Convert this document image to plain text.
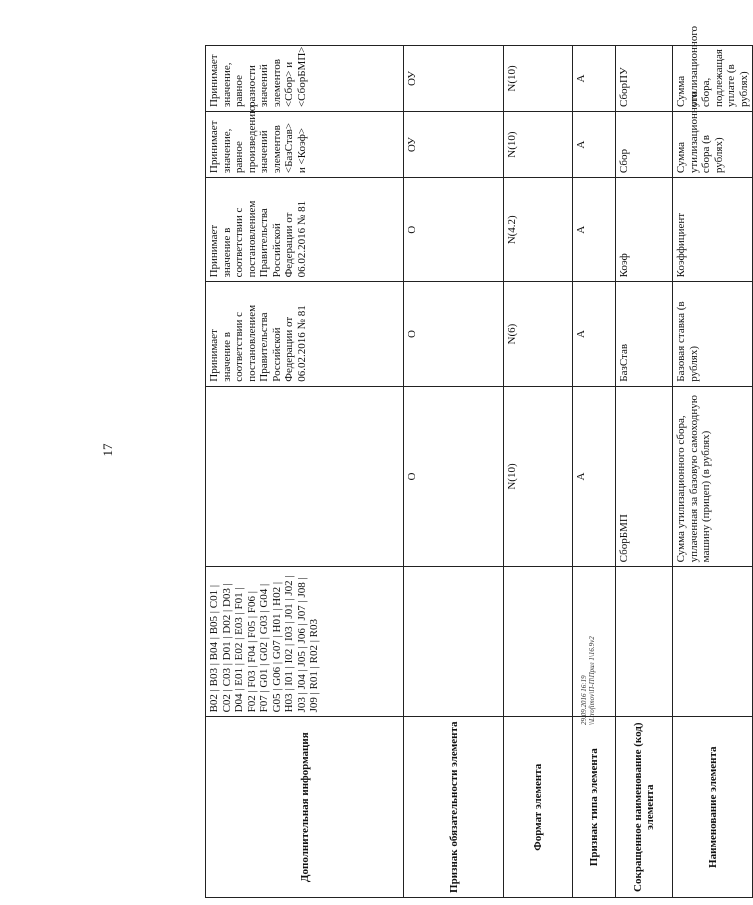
17
29.09.2016 16:19 \\Ltrofimov\П-П\Прил 1\16.9v2
Дополнительная информация	B02 | B03 | B04 | B05 | C01 | C02 | C03 | D01 | D02 | D03 | D04 | E01 | E02 | E03 | F01 | F02 | F03 | F04 | F05 | F06 | F07 | G01 | G02 | G03 | G04 | G05 | G06 | G07 | H01 | H02 | H03 | I01 | I02 | I03 | J01 | J02 | J03 | J04 | J05 | J06 | J07 | J08 | J09 | R01 | R02 | R03		Принимает значение в соответствии с постановлением Правительства Российской Федерации от 06.02.2016 № 81	Принимает значение в соответствии с постановлением Правительства Российской Федерации от 06.02.2016 № 81	Принимает значение, равное произведению значений элементов <БазСтав> и <Коэф>	Принимает значение, равное разности значений элементов <Сбор> и <СборБМП>
Признак обязательности элемента		О	О	О	ОУ	ОУ
Формат элемента		N(10)	N(6)	N(4.2)	N(10)	N(10)
Признак типа элемента		А	А	А	А	А
Сокращенное наименование (код) элемента		СборБМП	БазСтав	Коэф	Сбор	СборПУ
Наименование элемента		Сумма утилизационного сбора, уплаченная за базовую самоходную машину (прицеп) (в рублях)	Базовая ставка (в рублях)	Коэффициент	Сумма утилизационного сбора (в рублях)	Сумма утилизационного сбора, подлежащая уплате (в рублях)
